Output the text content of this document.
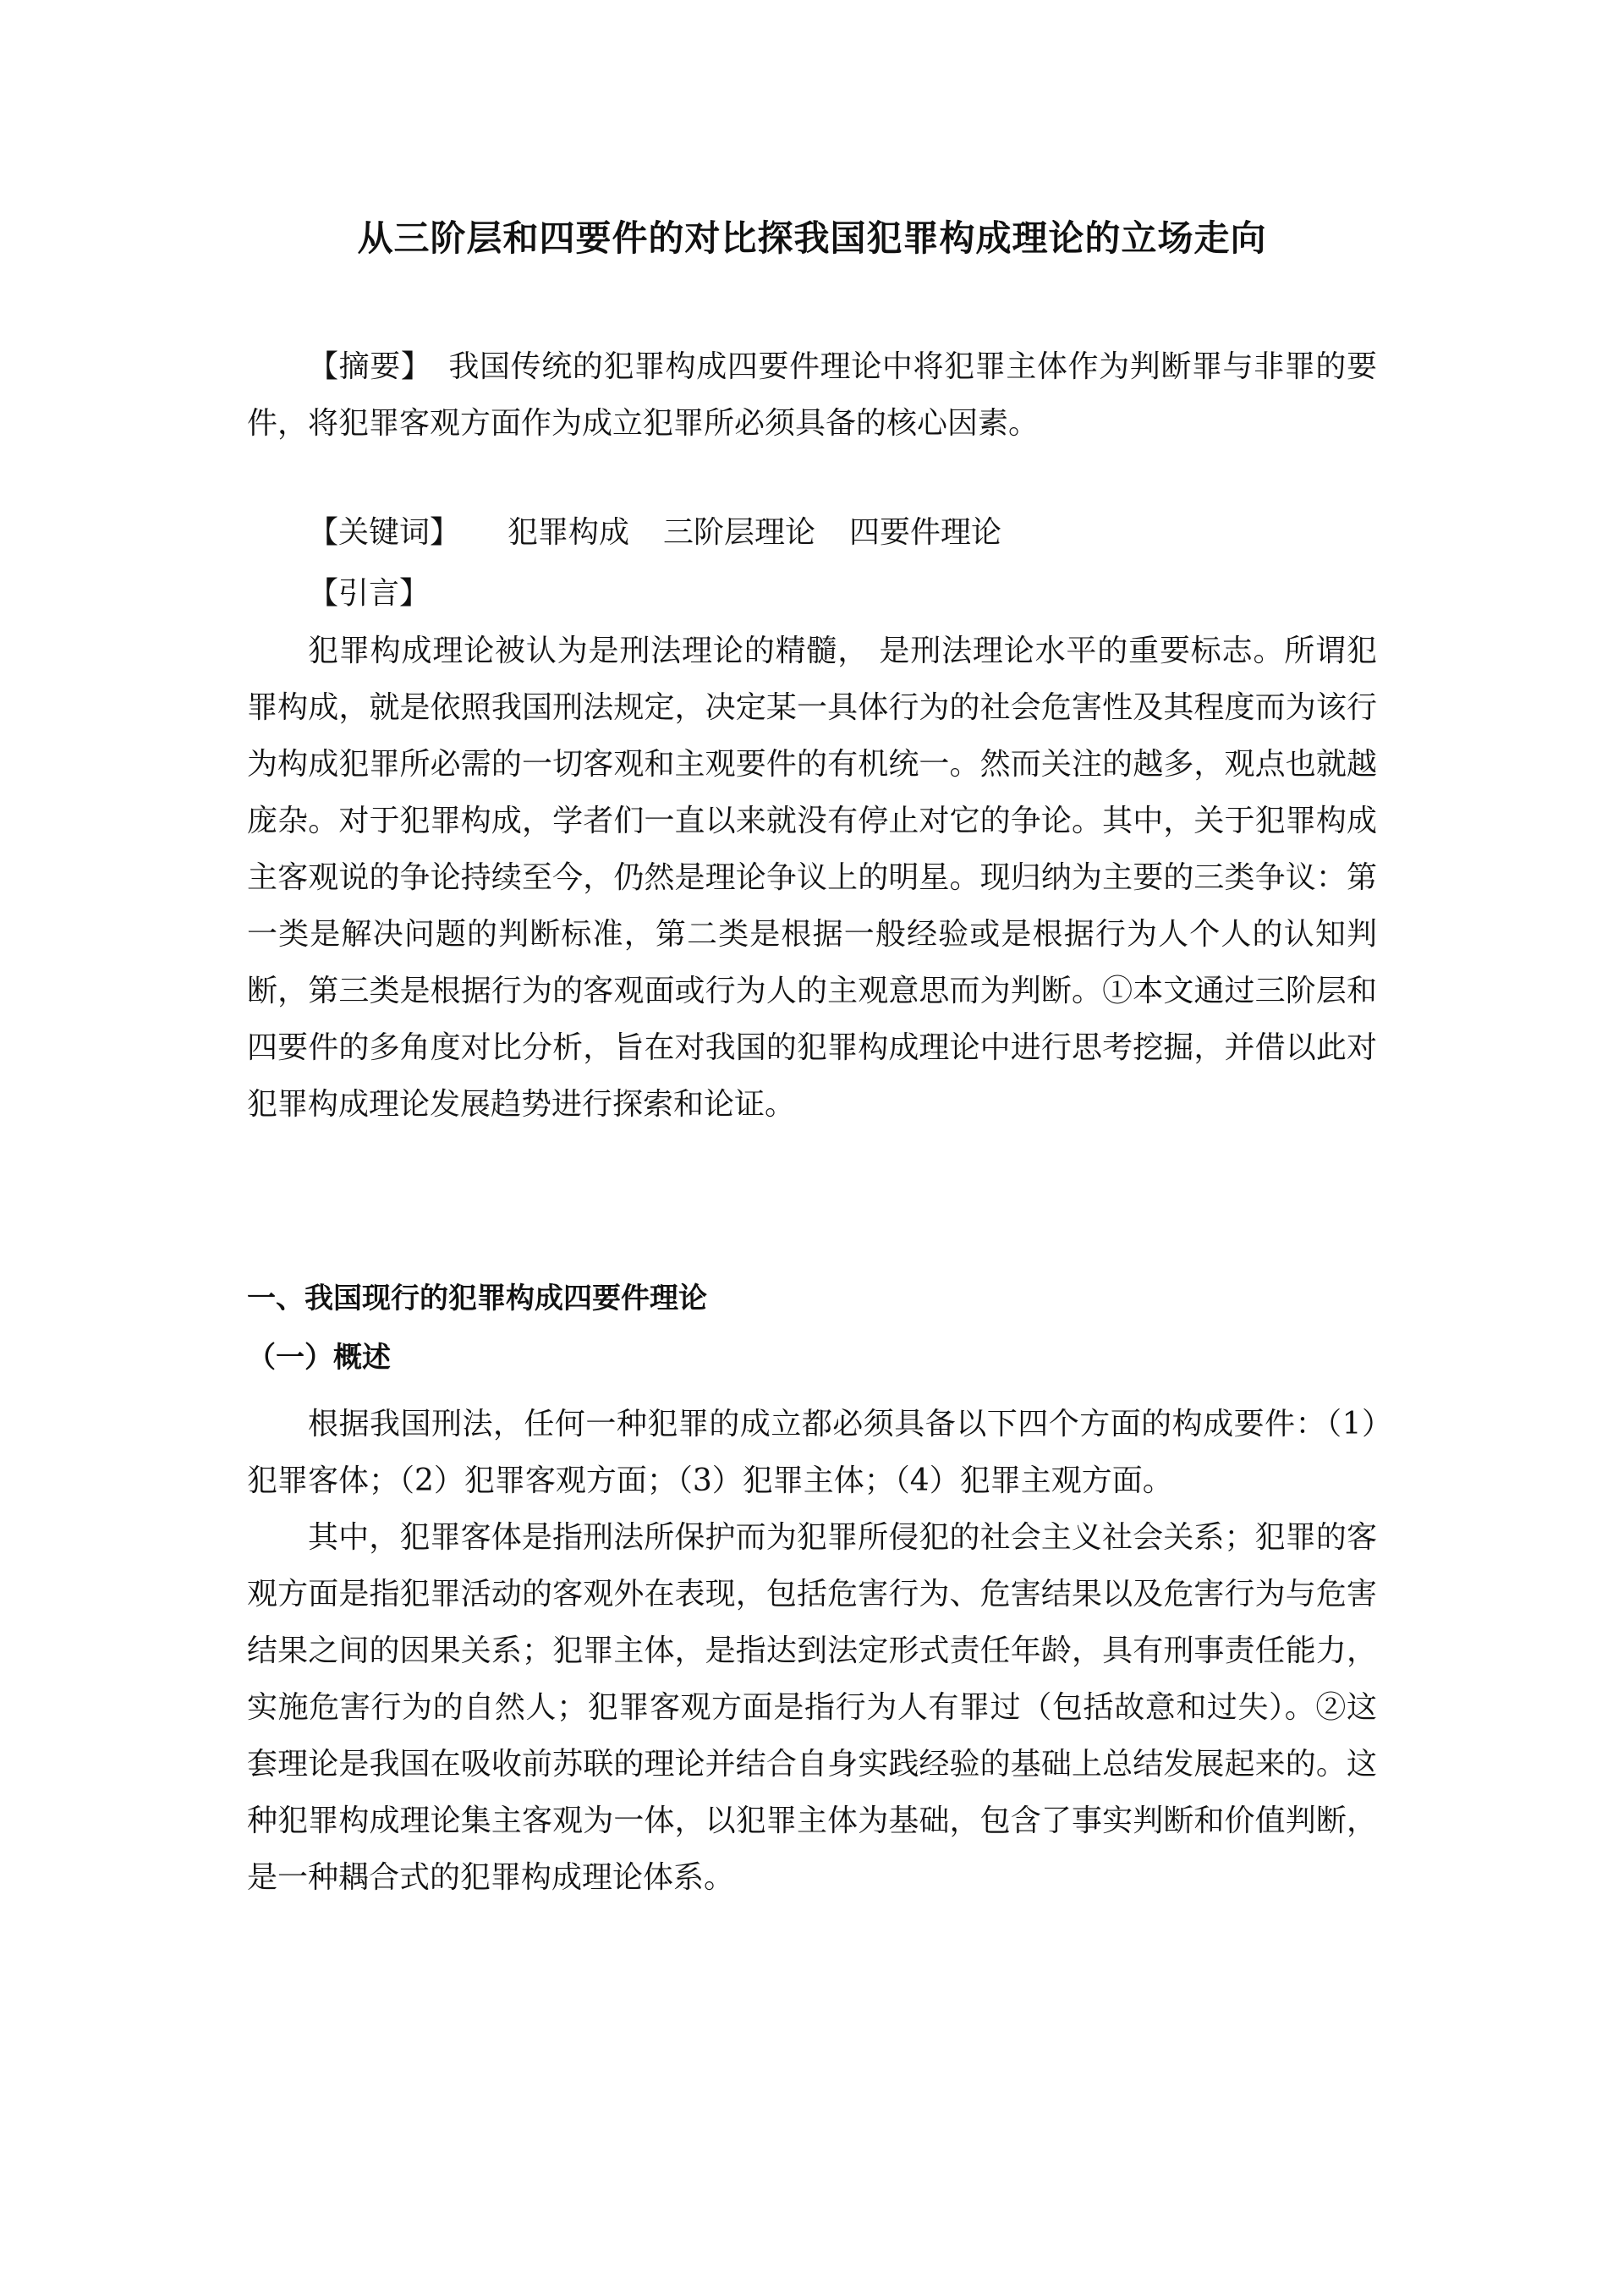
从三阶层和四要件的对比探我国犯罪构成理论的立场走向
【摘要】 我国传统的犯罪构成四要件理论中将犯罪主体作为判断罪与非罪的要件，将犯罪客观方面作为成立犯罪所必须具备的核心因素。
【关键词】 犯罪构成 三阶层理论 四要件理论
【引言】

犯罪构成理论被认为是刑法理论的精髓， 是刑法理论水平的重要标志。所谓犯罪构成，就是依照我国刑法规定，决定某一具体行为的社会危害性及其程度而为该行为构成犯罪所必需的一切客观和主观要件的有机统一。然而关注的越多，观点也就越庞杂。对于犯罪构成，学者们一直以来就没有停止对它的争论。其中，关于犯罪构成主客观说的争论持续至今，仍然是理论争议上的明星。现归纳为主要的三类争议：第一类是解决问题的判断标准，第二类是根据一般经验或是根据行为人个人的认知判断，第三类是根据行为的客观面或行为人的主观意思而为判断。①本文通过三阶层和四要件的多角度对比分析，旨在对我国的犯罪构成理论中进行思考挖掘，并借以此对犯罪构成理论发展趋势进行探索和论证。

一、我国现行的犯罪构成四要件理论
（一）概述

根据我国刑法，任何一种犯罪的成立都必须具备以下四个方面的构成要件：（1）犯罪客体；（2）犯罪客观方面；（3）犯罪主体；（4）犯罪主观方面。

其中，犯罪客体是指刑法所保护而为犯罪所侵犯的社会主义社会关系；犯罪的客观方面是指犯罪活动的客观外在表现，包括危害行为、危害结果以及危害行为与危害结果之间的因果关系；犯罪主体，是指达到法定形式责任年龄，具有刑事责任能力，实施危害行为的自然人；犯罪客观方面是指行为人有罪过（包括故意和过失）。②这套理论是我国在吸收前苏联的理论并结合自身实践经验的基础上总结发展起来的。这种犯罪构成理论集主客观为一体，以犯罪主体为基础，包含了事实判断和价值判断，是一种耦合式的犯罪构成理论体系。
